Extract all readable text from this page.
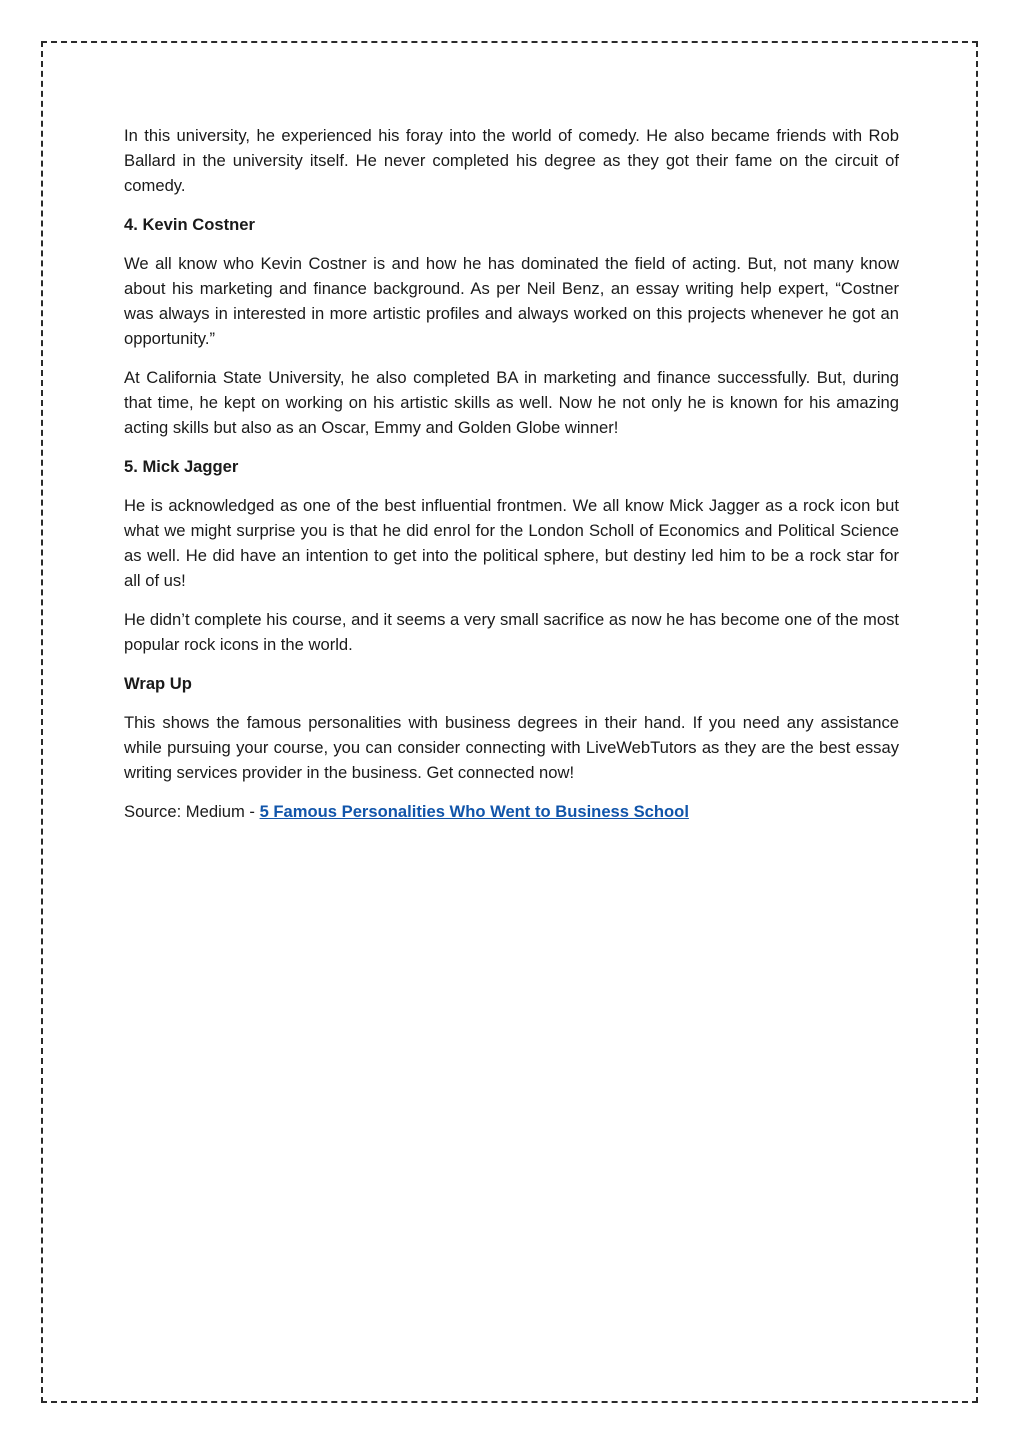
In this university, he experienced his foray into the world of comedy. He also became friends with Rob Ballard in the university itself. He never completed his degree as they got their fame on the circuit of comedy.

4. Kevin Costner

We all know who Kevin Costner is and how he has dominated the field of acting. But, not many know about his marketing and finance background. As per Neil Benz, an essay writing help expert, “Costner was always in interested in more artistic profiles and always worked on this projects whenever he got an opportunity.”

At California State University, he also completed BA in marketing and finance successfully. But, during that time, he kept on working on his artistic skills as well. Now he not only he is known for his amazing acting skills but also as an Oscar, Emmy and Golden Globe winner!

5. Mick Jagger

He is acknowledged as one of the best influential frontmen. We all know Mick Jagger as a rock icon but what we might surprise you is that he did enrol for the London Scholl of Economics and Political Science as well. He did have an intention to get into the political sphere, but destiny led him to be a rock star for all of us!

He didn’t complete his course, and it seems a very small sacrifice as now he has become one of the most popular rock icons in the world.

Wrap Up

This shows the famous personalities with business degrees in their hand. If you need any assistance while pursuing your course, you can consider connecting with LiveWebTutors as they are the best essay writing services provider in the business. Get connected now!

Source: Medium - 5 Famous Personalities Who Went to Business School
